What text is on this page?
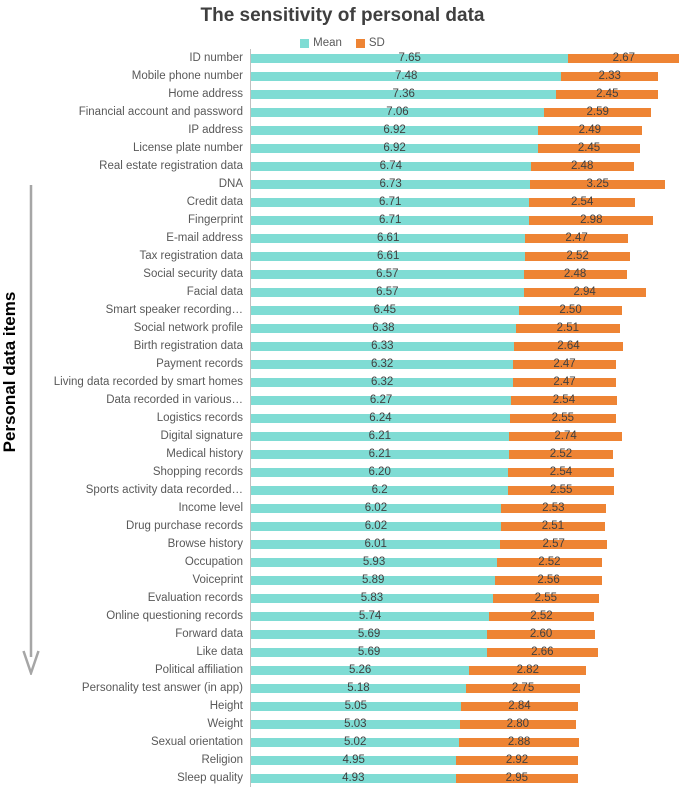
The sensitivity of personal data
Mean SD
Personal data items
ID number	7.65	2.67
Mobile phone number	7.48	2.33
Home address	7.36	2.45
Financial account and password	7.06	2.59
IP address	6.92	2.49
License plate number	6.92	2.45
Real estate registration data	6.74	2.48
DNA	6.73	3.25
Credit data	6.71	2.54
Fingerprint	6.71	2.98
E-mail address	6.61	2.47
Tax registration data	6.61	2.52
Social security data	6.57	2.48
Facial data	6.57	2.94
Smart speaker recording…	6.45	2.50
Social network profile	6.38	2.51
Birth registration data	6.33	2.64
Payment records	6.32	2.47
Living data recorded by smart homes	6.32	2.47
Data recorded in various…	6.27	2.54
Logistics records	6.24	2.55
Digital signature	6.21	2.74
Medical history	6.21	2.52
Shopping records	6.20	2.54
Sports activity data recorded…	6.2	2.55
Income level	6.02	2.53
Drug purchase records	6.02	2.51
Browse history	6.01	2.57
Occupation	5.93	2.52
Voiceprint	5.89	2.56
Evaluation records	5.83	2.55
Online questioning records	5.74	2.52
Forward data	5.69	2.60
Like data	5.69	2.66
Political affiliation	5.26	2.82
Personality test answer (in app)	5.18	2.75
Height	5.05	2.84
Weight	5.03	2.80
Sexual orientation	5.02	2.88
Religion	4.95	2.92
Sleep quality	4.93	2.95
